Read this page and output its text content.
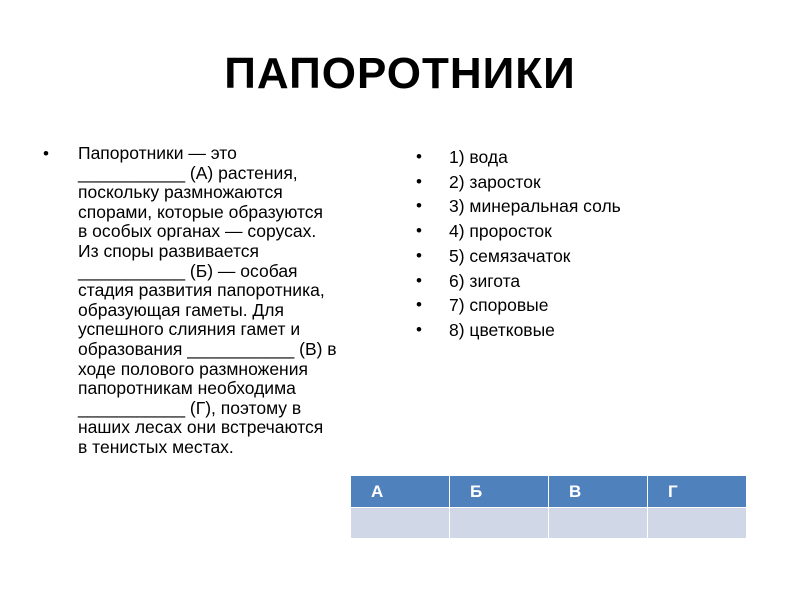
ПАПОРОТНИКИ
• Папоротники — это
___________ (А) растения,
поскольку размножаются
спорами, которые образуются
в особых органах — сорусах.
Из споры развивается
___________ (Б) — особая
стадия развития папоротника,
образующая гаметы. Для
успешного слияния гамет и
образования ___________ (В) в
ходе полового размножения
папоротникам необходима
___________ (Г), поэтому в
наших лесах они встречаются
в тенистых местах.
• 1) вода
• 2) заросток
• 3) минеральная соль
• 4) проросток
• 5) семязачаток
• 6) зигота
• 7) споровые
• 8) цветковые
А	Б	В	Г
